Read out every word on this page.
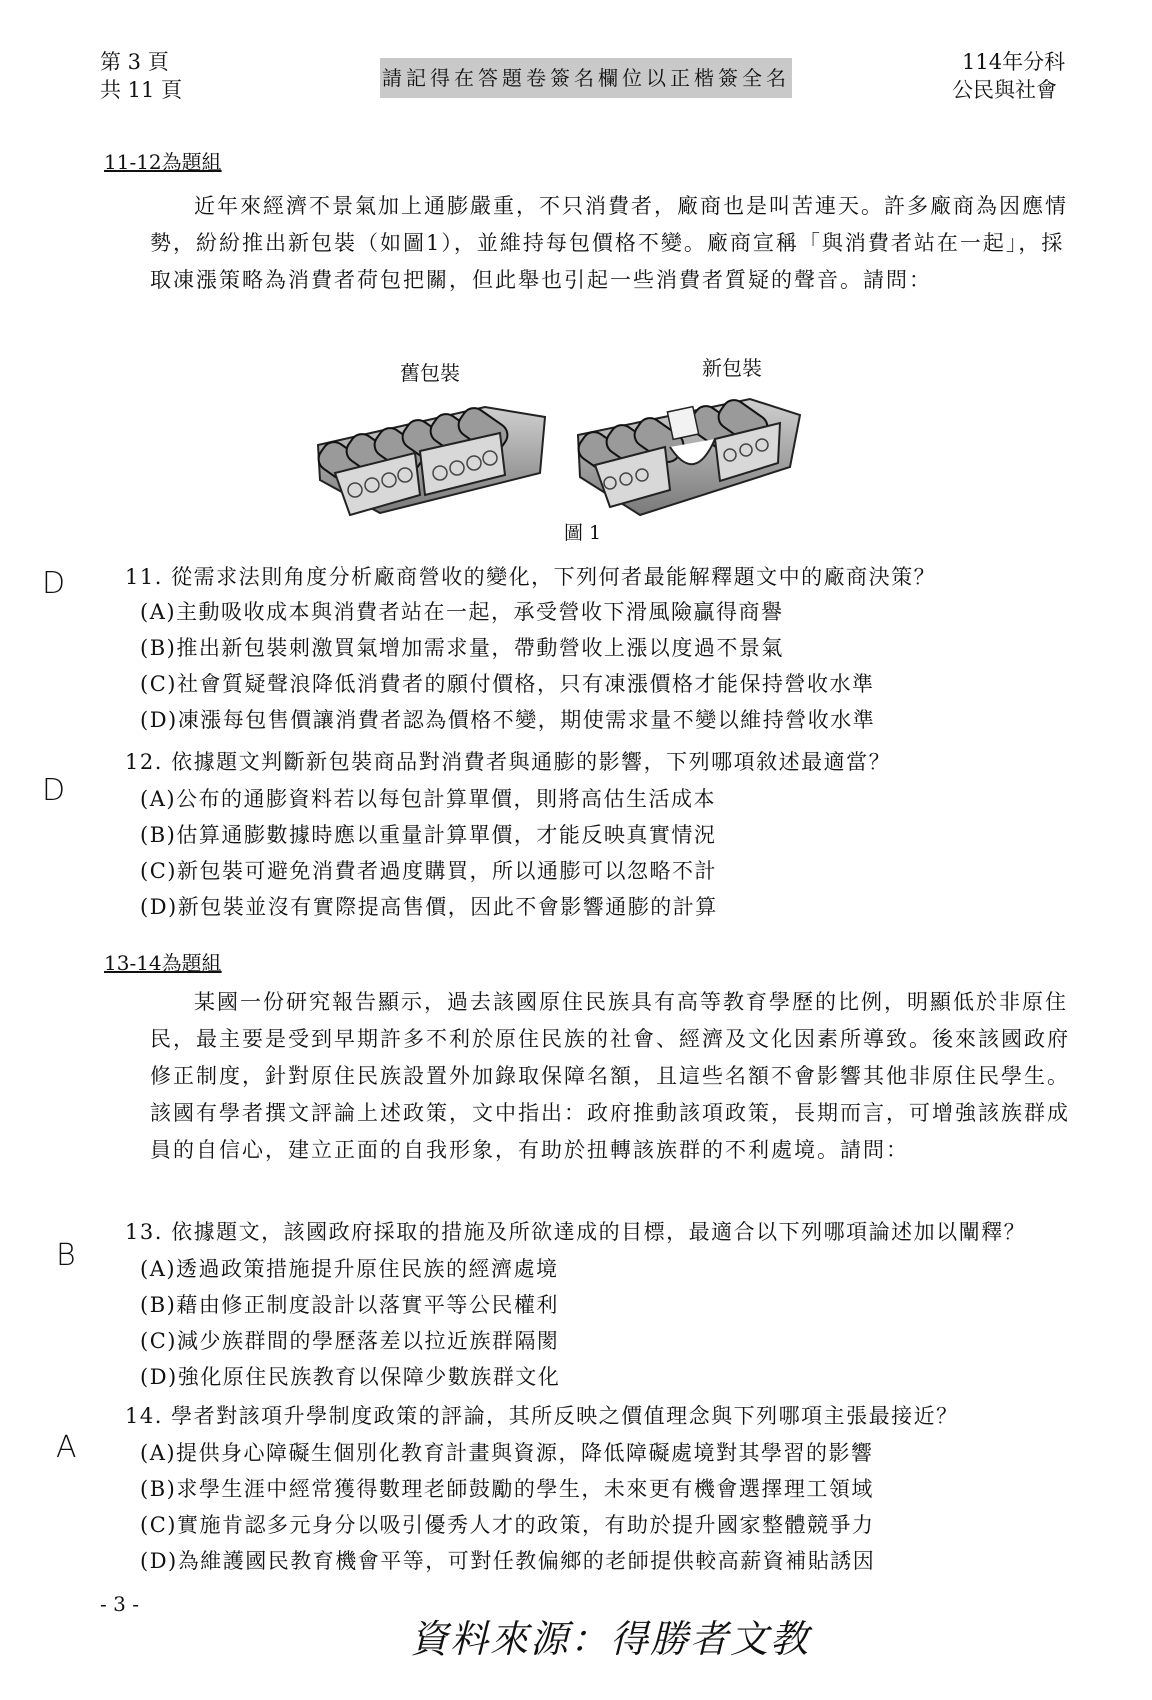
第 3 頁
共 11 頁	請記得在答題卷簽名欄位以正楷簽全名
114年分科
公民與社會
11-12為題組

近年來經濟不景氣加上通膨嚴重，不只消費者，廠商也是叫苦連天。許多廠商為因應情勢，紛紛推出新包裝（如圖1），並維持每包價格不變。廠商宣稱「與消費者站在一起」，採取凍漲策略為消費者荷包把關，但此舉也引起一些消費者質疑的聲音。請問：

舊包裝	新包裝
圖 1
D	11. 從需求法則角度分析廠商營收的變化，下列何者最能解釋題文中的廠商決策？
(A)主動吸收成本與消費者站在一起，承受營收下滑風險贏得商譽
(B)推出新包裝刺激買氣增加需求量，帶動營收上漲以度過不景氣
(C)社會質疑聲浪降低消費者的願付價格，只有凍漲價格才能保持營收水準
(D)凍漲每包售價讓消費者認為價格不變，期使需求量不變以維持營收水準
D
12. 依據題文判斷新包裝商品對消費者與通膨的影響，下列哪項敘述最適當？
(A)公布的通膨資料若以每包計算單價，則將高估生活成本
(B)估算通膨數據時應以重量計算單價，才能反映真實情況
(C)新包裝可避免消費者過度購買，所以通膨可以忽略不計
(D)新包裝並沒有實際提高售價，因此不會影響通膨的計算
13-14為題組

某國一份研究報告顯示，過去該國原住民族具有高等教育學歷的比例，明顯低於非原住民，最主要是受到早期許多不利於原住民族的社會、經濟及文化因素所導致。後來該國政府修正制度，針對原住民族設置外加錄取保障名額，且這些名額不會影響其他非原住民學生。該國有學者撰文評論上述政策，文中指出：政府推動該項政策，長期而言，可增強該族群成員的自信心，建立正面的自我形象，有助於扭轉該族群的不利處境。請問：

B
13. 依據題文，該國政府採取的措施及所欲達成的目標，最適合以下列哪項論述加以闡釋？
(A)透過政策措施提升原住民族的經濟處境
(B)藉由修正制度設計以落實平等公民權利
(C)減少族群間的學歷落差以拉近族群隔閡
(D)強化原住民族教育以保障少數族群文化
A
14. 學者對該項升學制度政策的評論，其所反映之價值理念與下列哪項主張最接近？
(A)提供身心障礙生個別化教育計畫與資源，降低障礙處境對其學習的影響
(B)求學生涯中經常獲得數理老師鼓勵的學生，未來更有機會選擇理工領域
(C)實施肯認多元身分以吸引優秀人才的政策，有助於提升國家整體競爭力
(D)為維護國民教育機會平等，可對任教偏鄉的老師提供較高薪資補貼誘因
- 3 -
資料來源：得勝者文教
